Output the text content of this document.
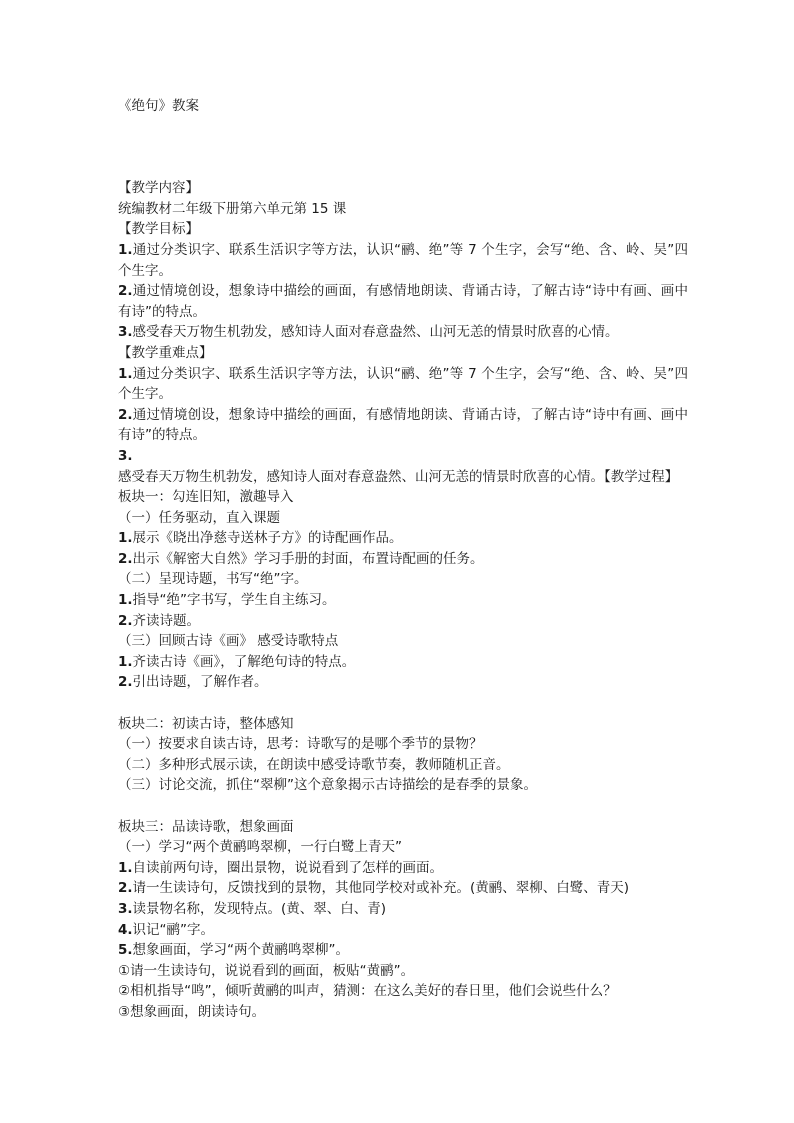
《绝句》教案
【教学内容】
统编教材二年级下册第六单元第 15 课
【教学目标】
1.通过分类识字、联系生活识字等方法，认识“鹂、绝”等 7 个生字，会写“绝、含、岭、吴”四个生字。
2.通过情境创设，想象诗中描绘的画面，有感情地朗读、背诵古诗，了解古诗“诗中有画、画中有诗”的特点。
3.感受春天万物生机勃发，感知诗人面对春意盎然、山河无恙的情景时欣喜的心情。
【教学重难点】
1.通过分类识字、联系生活识字等方法，认识“鹂、绝”等 7 个生字，会写“绝、含、岭、吴”四个生字。
2.通过情境创设，想象诗中描绘的画面，有感情地朗读、背诵古诗，了解古诗“诗中有画、画中有诗”的特点。
3.感受春天万物生机勃发，感知诗人面对春意盎然、山河无恙的情景时欣喜的心情。【教学过程】
板块一：勾连旧知，激趣导入
（一）任务驱动，直入课题
1.展示《晓出净慈寺送林子方》的诗配画作品。
2.出示《解密大自然》学习手册的封面，布置诗配画的任务。
（二）呈现诗题，书写“绝”字。
1.指导“绝”字书写，学生自主练习。
2.齐读诗题。
（三）回顾古诗《画》 感受诗歌特点
1.齐读古诗《画》，了解绝句诗的特点。
2.引出诗题，了解作者。
板块二：初读古诗，整体感知
（一）按要求自读古诗，思考：诗歌写的是哪个季节的景物？
（二）多种形式展示读，在朗读中感受诗歌节奏，教师随机正音。
（三）讨论交流，抓住“翠柳”这个意象揭示古诗描绘的是春季的景象。
板块三：品读诗歌，想象画面
（一）学习“两个黄鹂鸣翠柳，一行白鹭上青天”
1.自读前两句诗，圈出景物，说说看到了怎样的画面。
2.请一生读诗句，反馈找到的景物，其他同学校对或补充。(黄鹂、翠柳、白鹭、青天)
3.读景物名称，发现特点。(黄、翠、白、青)
4.识记“鹂”字。
5.想象画面，学习“两个黄鹂鸣翠柳”。
①请一生读诗句，说说看到的画面，板贴“黄鹂”。
②相机指导“鸣”，倾听黄鹂的叫声，猜测：在这么美好的春日里，他们会说些什么？
③想象画面，朗读诗句。
